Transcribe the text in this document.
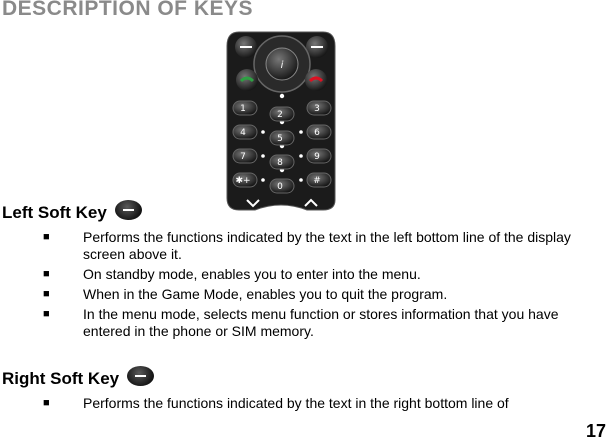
DESCRIPTION OF KEYS
i
1
2
3
4
5
6
7
8
9
✱+
0
#
Left Soft Key
■ Performs the functions indicated by the text in the left bottom line of the display screen above it.
■ On standby mode, enables you to enter into the menu.
■ When in the Game Mode, enables you to quit the program.
■ In the menu mode, selects menu function or stores information that you have entered in the phone or SIM memory.
Right Soft Key
■ Performs the functions indicated by the text in the right bottom line of
17
